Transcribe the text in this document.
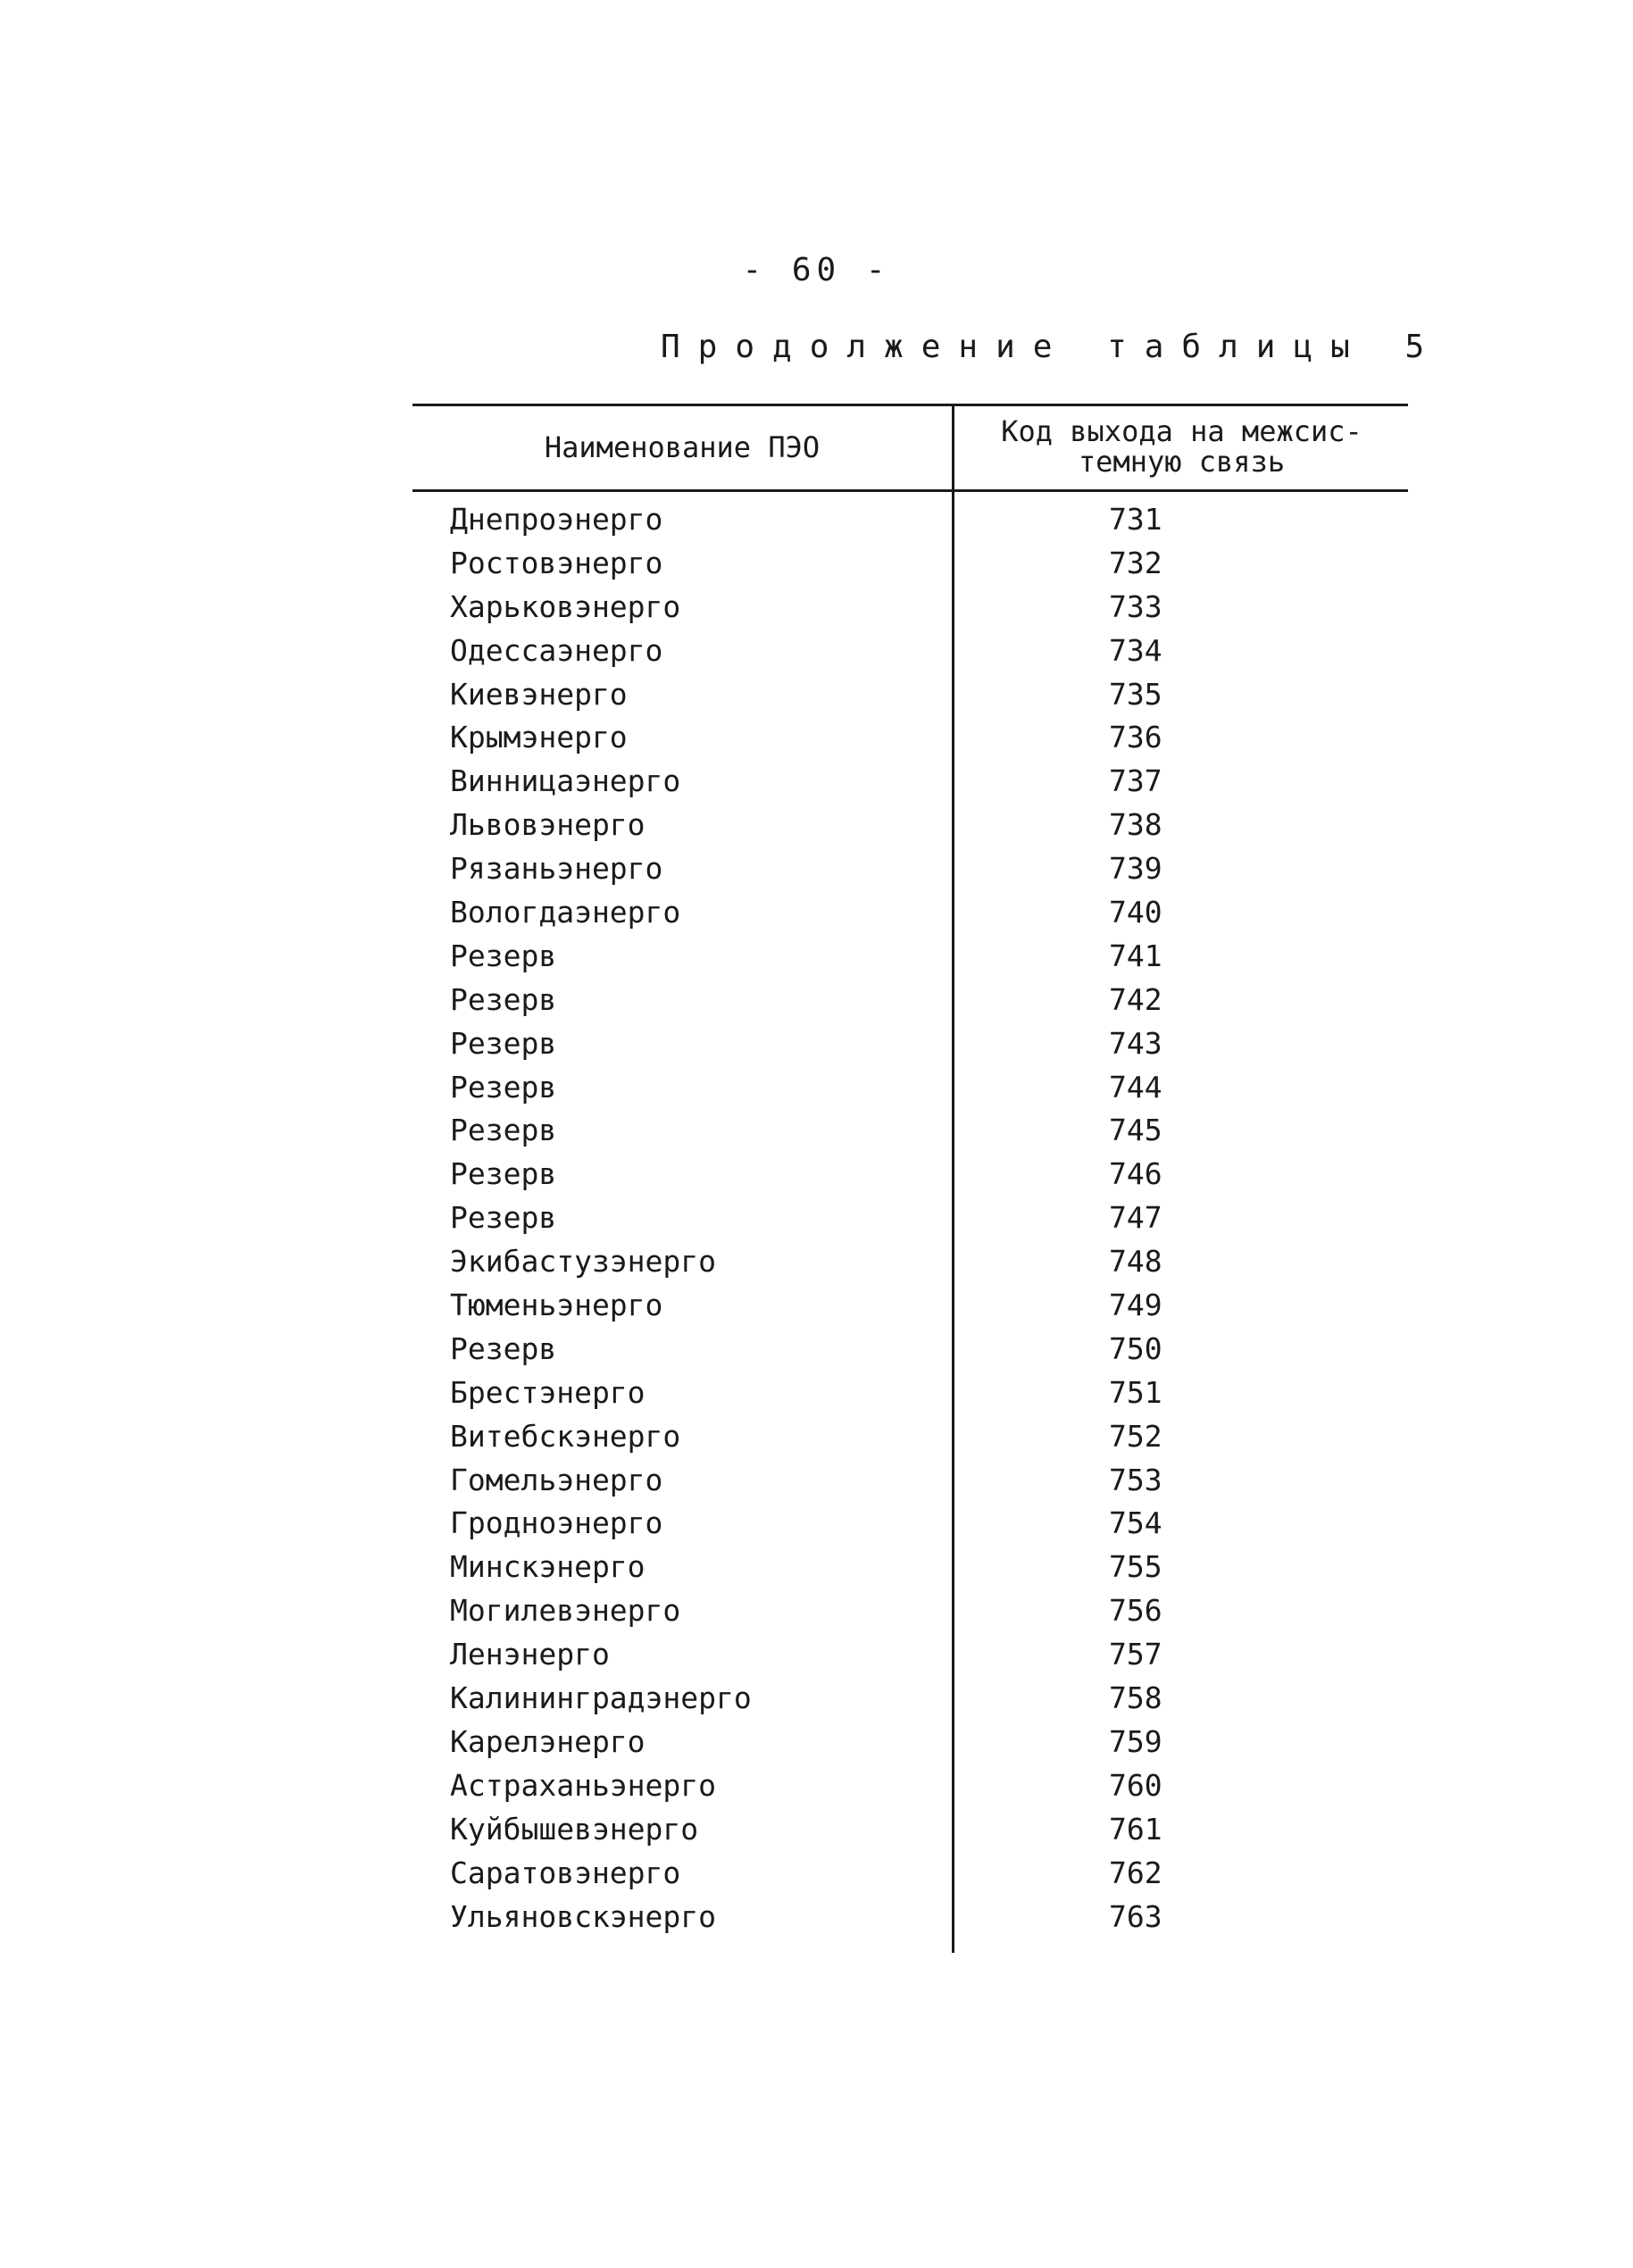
- 60 -
Продолжение таблицы 5
Наименование ПЭО	Код выхода на межсис-
темную связь
Днепроэнерго	731
Ростовэнерго	732
Харьковэнерго	733
Одессаэнерго	734
Киевэнерго	735
Крымэнерго	736
Винницаэнерго	737
Львовэнерго	738
Рязаньэнерго	739
Вологдаэнерго	740
Резерв	741
Резерв	742
Резерв	743
Резерв	744
Резерв	745
Резерв	746
Резерв	747
Экибастузэнерго	748
Тюменьэнерго	749
Резерв	750
Брестэнерго	751
Витебскэнерго	752
Гомельэнерго	753
Гродноэнерго	754
Минскэнерго	755
Могилевэнерго	756
Ленэнерго	757
Калининградэнерго	758
Карелэнерго	759
Астраханьэнерго	760
Куйбышевэнерго	761
Саратовэнерго	762
Ульяновскэнерго	763
